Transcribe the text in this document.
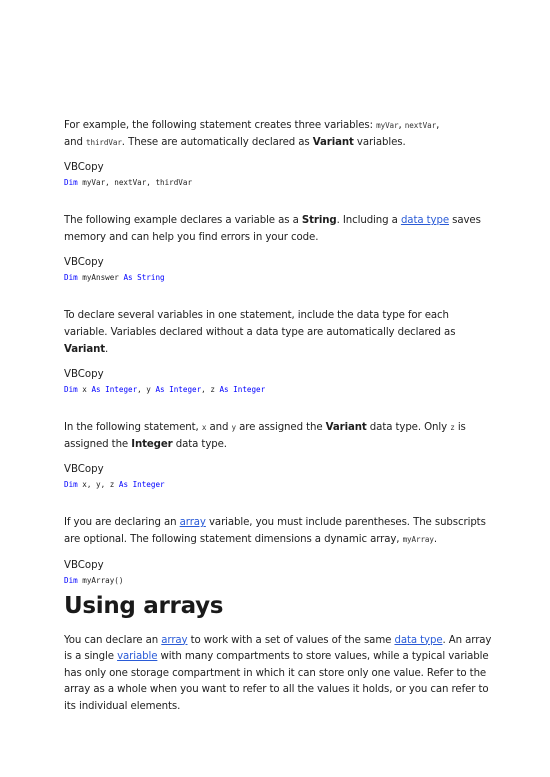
For example, the following statement creates three variables: myVar, nextVar,
and thirdVar. These are automatically declared as Variant variables.

VBCopy
Dim myVar, nextVar, thirdVar

The following example declares a variable as a String. Including a data type saves memory and can help you find errors in your code.

VBCopy
Dim myAnswer As String

To declare several variables in one statement, include the data type for each variable. Variables declared without a data type are automatically declared as Variant.

VBCopy
Dim x As Integer, y As Integer, z As Integer

In the following statement, x and y are assigned the Variant data type. Only z is assigned the Integer data type.

VBCopy
Dim x, y, z As Integer

If you are declaring an array variable, you must include parentheses. The subscripts are optional. The following statement dimensions a dynamic array, myArray.

VBCopy
Dim myArray()
Using arrays

You can declare an array to work with a set of values of the same data type. An array is a single variable with many compartments to store values, while a typical variable has only one storage compartment in which it can store only one value. Refer to the array as a whole when you want to refer to all the values it holds, or you can refer to its individual elements.
